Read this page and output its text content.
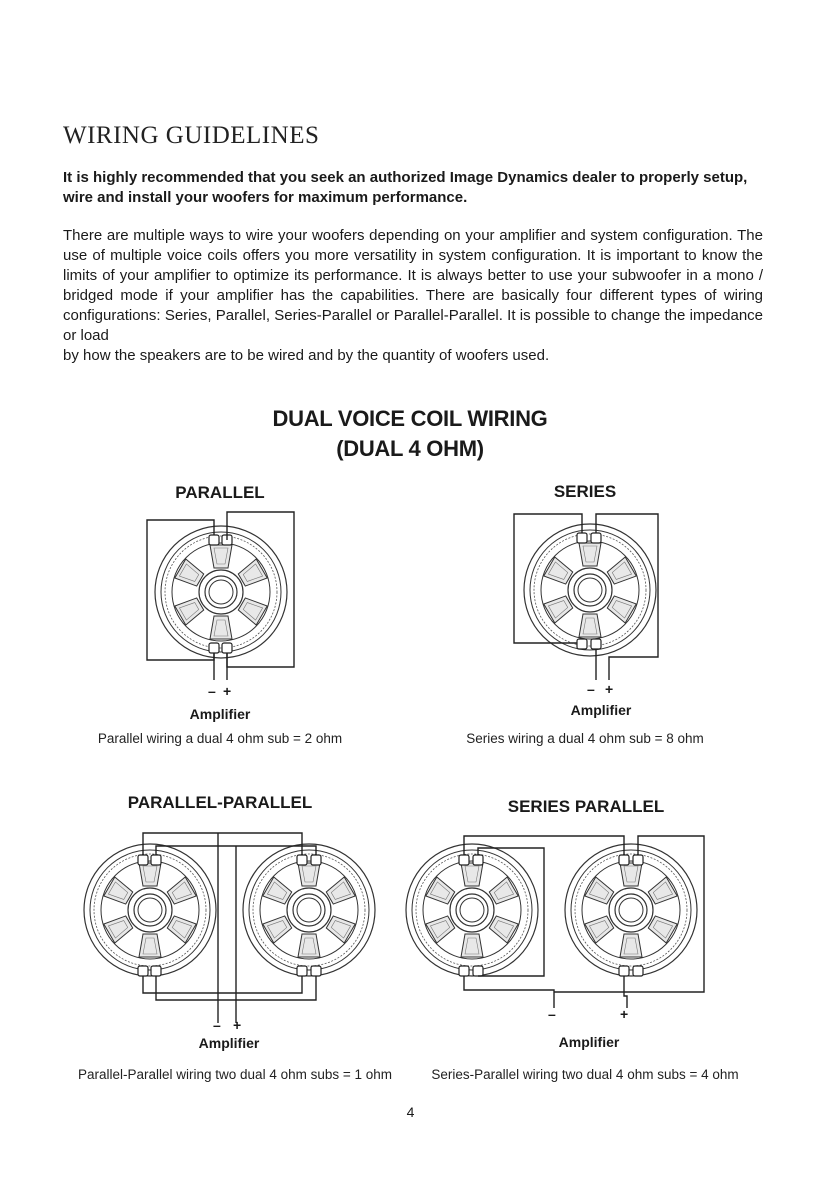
WIRING GUIDELINES
It is highly recommended that you seek an authorized Image Dynamics dealer to properly setup, wire and install your woofers for maximum performance.

There are multiple ways to wire your woofers depending on your amplifier and system configuration. The use of multiple voice coils offers you more versatility in system configuration. It is important to know the limits of your amplifier to optimize its performance. It is always better to use your subwoofer in a mono / bridged mode if your amplifier has the capabilities. There are basically four different types of wiring configurations: Series, Parallel, Series-Parallel or Parallel-Parallel. It is possible to change the impedance or load

by how the speakers are to be wired and by the quantity of woofers used.
DUAL VOICE COIL WIRING
(DUAL 4 OHM)
PARALLEL	SERIES
PARALLEL-PARALLEL	SERIES PARALLEL
– +
Amplifier
Parallel wiring a dual 4 ohm sub = 2 ohm
– +
Amplifier
Series wiring a dual 4 ohm sub = 8 ohm
– +
Amplifier
Parallel-Parallel wiring two dual 4 ohm subs = 1 ohm
–	+
Amplifier
Series-Parallel wiring two dual 4 ohm subs = 4 ohm
4
